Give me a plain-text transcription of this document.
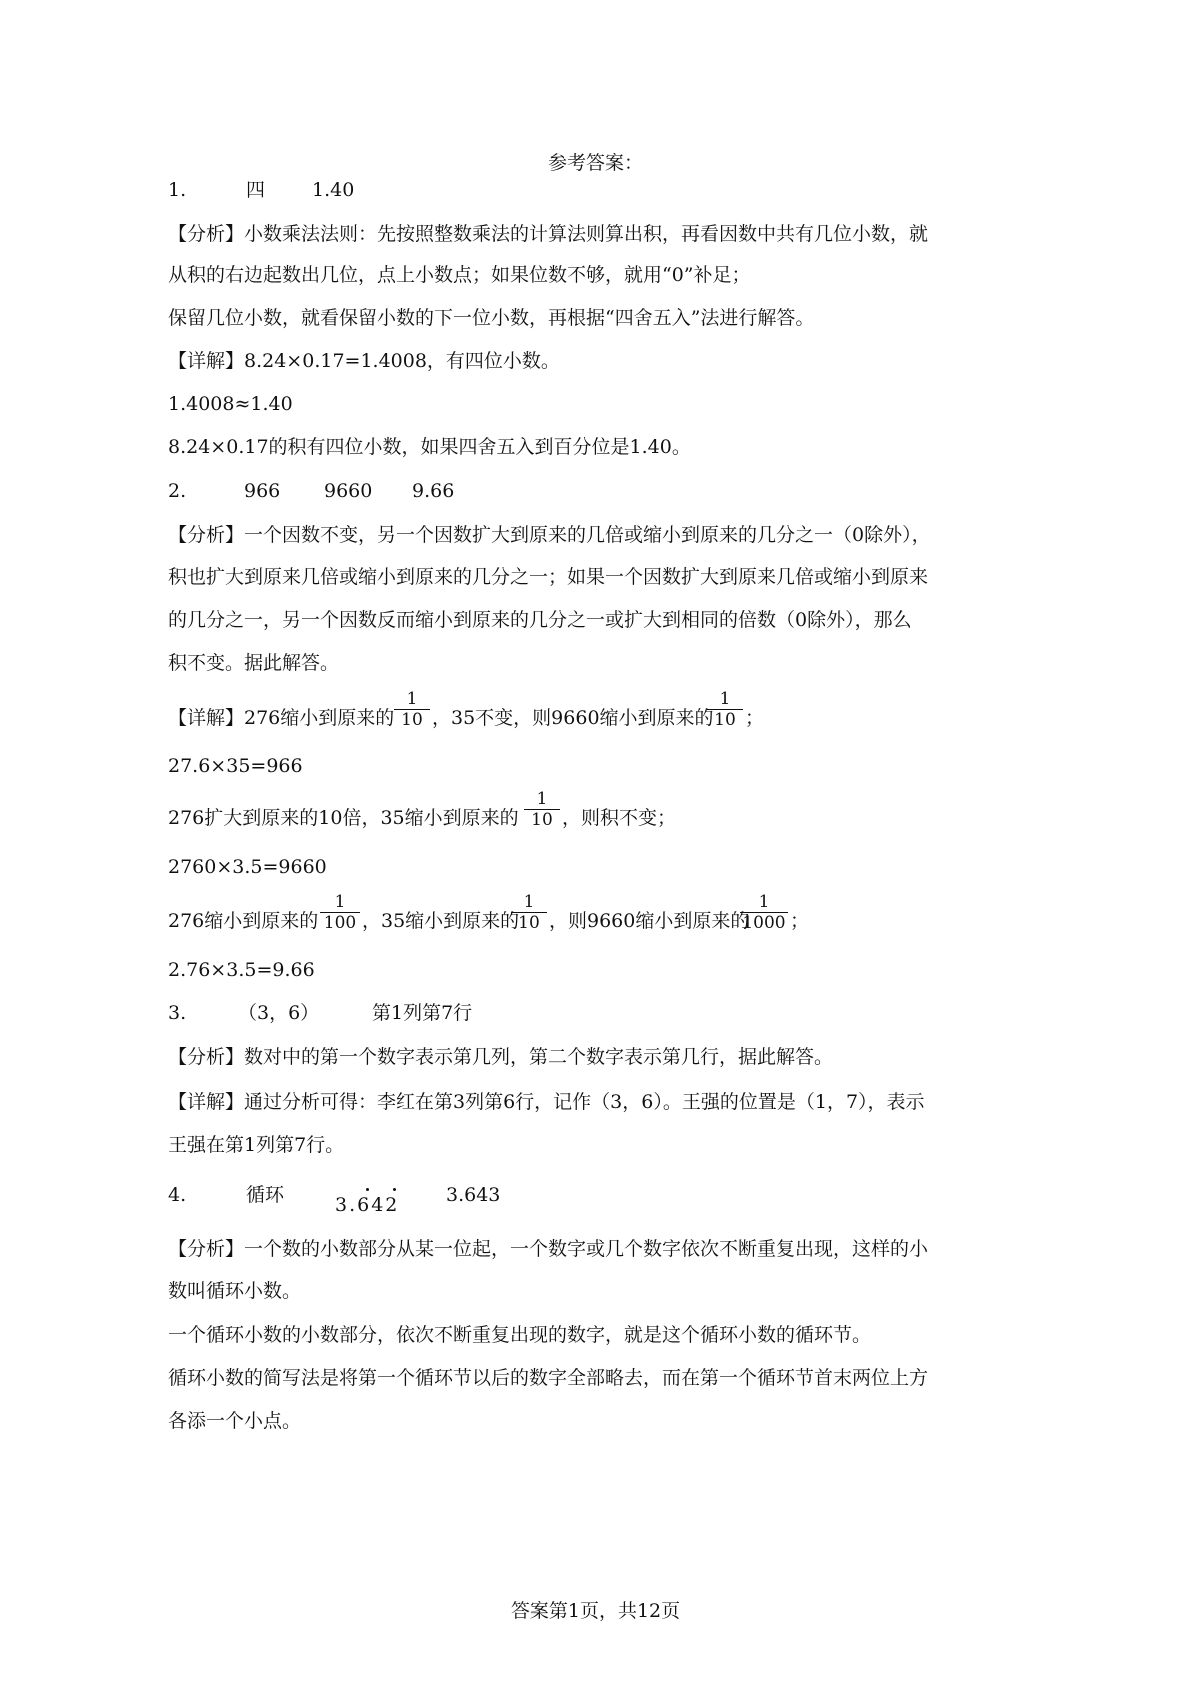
参考答案：
1.	四 1.40
【分析】小数乘法法则：先按照整数乘法的计算法则算出积，再看因数中共有几位小数，就
从积的右边起数出几位，点上小数点；如果位数不够，就用“0”补足；
保留几位小数，就看保留小数的下一位小数，再根据“四舍五入”法进行解答。
【详解】8.24×0.17=1.4008，有四位小数。
1.4008≈1.40
8.24×0.17的积有四位小数，如果四舍五入到百分位是1.40。
2.	966 9660 9.66
【分析】一个因数不变，另一个因数扩大到原来的几倍或缩小到原来的几分之一（0除外），
积也扩大到原来几倍或缩小到原来的几分之一；如果一个因数扩大到原来几倍或缩小到原来
的几分之一，另一个因数反而缩小到原来的几分之一或扩大到相同的倍数（0除外），那么
积不变。据此解答。
【详解】276缩小到原来的
1
10 ，35不变，则9660缩小到原来的
1
10 ；
27.6×35=966
276扩大到原来的10倍，35缩小到原来的
1
10 ，则积不变；
2760×3.5=9660
276缩小到原来的
1
100 ，35缩小到原来的
1
10 ，则9660缩小到原来的
1
1000 ；
2.76×3.5=9.66
3.	（3，6）	第1列第7行
【分析】数对中的第一个数字表示第几列，第二个数字表示第几行，据此解答。
【详解】通过分析可得：李红在第3列第6行，记作（3，6）。王强的位置是（1，7），表示
王强在第1列第7行。
4.	循环	3.642 3.643
【分析】一个数的小数部分从某一位起，一个数字或几个数字依次不断重复出现，这样的小
数叫循环小数。
一个循环小数的小数部分，依次不断重复出现的数字，就是这个循环小数的循环节。
循环小数的简写法是将第一个循环节以后的数字全部略去，而在第一个循环节首末两位上方
各添一个小点。
答案第1页，共12页
